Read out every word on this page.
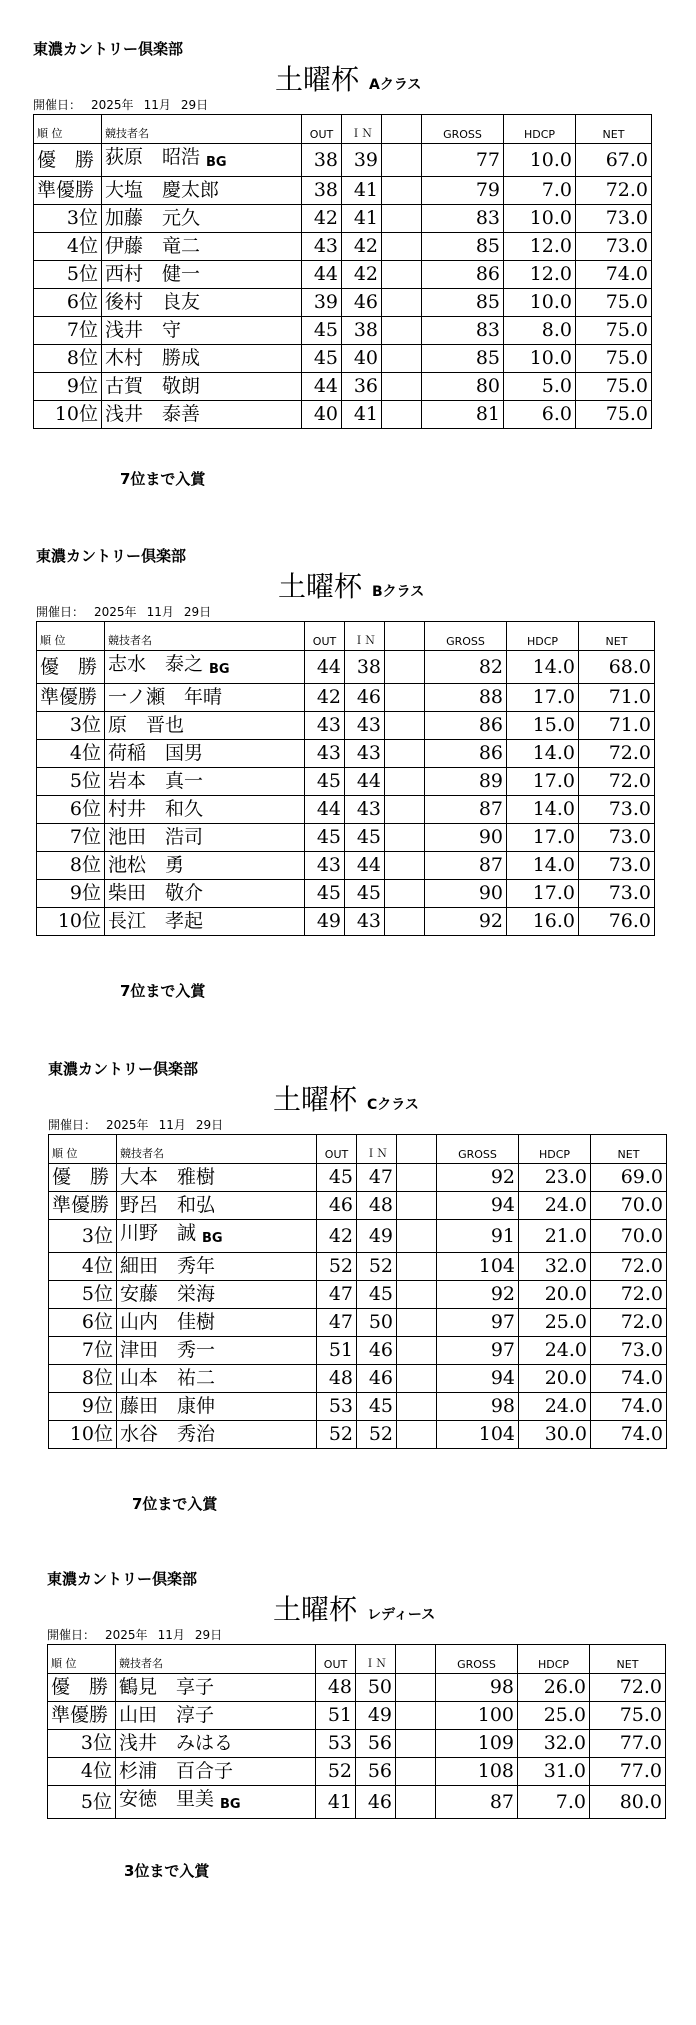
東濃カントリー倶楽部
土曜杯 Aクラス
開催日： 2025年 11月 29日
順 位	競技者名	OUT	ＩＮ		GROSS	HDCP	NET
優　勝	荻原　昭浩 BG	38	39		77	10.0	67.0
準優勝	大塩　慶太郎	38	41		79	7.0	72.0
3位	加藤　元久	42	41		83	10.0	73.0
4位	伊藤　竜二	43	42		85	12.0	73.0
5位	西村　健一	44	42		86	12.0	74.0
6位	後村　良友	39	46		85	10.0	75.0
7位	浅井　守	45	38		83	8.0	75.0
8位	木村　勝成	45	40		85	10.0	75.0
9位	古賀　敬朗	44	36		80	5.0	75.0
10位	浅井　泰善	40	41		81	6.0	75.0
7位まで入賞
東濃カントリー倶楽部
土曜杯 Bクラス
開催日： 2025年 11月 29日
順 位	競技者名	OUT	ＩＮ		GROSS	HDCP	NET
優　勝	志水　泰之 BG	44	38		82	14.0	68.0
準優勝	一ノ瀬　年晴	42	46		88	17.0	71.0
3位	原　晋也	43	43		86	15.0	71.0
4位	荷稲　国男	43	43		86	14.0	72.0
5位	岩本　真一	45	44		89	17.0	72.0
6位	村井　和久	44	43		87	14.0	73.0
7位	池田　浩司	45	45		90	17.0	73.0
8位	池松　勇	43	44		87	14.0	73.0
9位	柴田　敬介	45	45		90	17.0	73.0
10位	長江　孝起	49	43		92	16.0	76.0
7位まで入賞
東濃カントリー倶楽部
土曜杯 Cクラス
開催日： 2025年 11月 29日
順 位	競技者名	OUT	ＩＮ		GROSS	HDCP	NET
優　勝	大本　雅樹	45	47		92	23.0	69.0
準優勝	野呂　和弘	46	48		94	24.0	70.0
3位	川野　誠 BG	42	49		91	21.0	70.0
4位	細田　秀年	52	52		104	32.0	72.0
5位	安藤　栄海	47	45		92	20.0	72.0
6位	山内　佳樹	47	50		97	25.0	72.0
7位	津田　秀一	51	46		97	24.0	73.0
8位	山本　祐二	48	46		94	20.0	74.0
9位	藤田　康伸	53	45		98	24.0	74.0
10位	水谷　秀治	52	52		104	30.0	74.0
7位まで入賞
東濃カントリー倶楽部
土曜杯 レディース
開催日： 2025年 11月 29日
順 位	競技者名	OUT	ＩＮ		GROSS	HDCP	NET
優　勝	鶴見　享子	48	50		98	26.0	72.0
準優勝	山田　淳子	51	49		100	25.0	75.0
3位	浅井　みはる	53	56		109	32.0	77.0
4位	杉浦　百合子	52	56		108	31.0	77.0
5位	安徳　里美 BG	41	46		87	7.0	80.0
3位まで入賞
